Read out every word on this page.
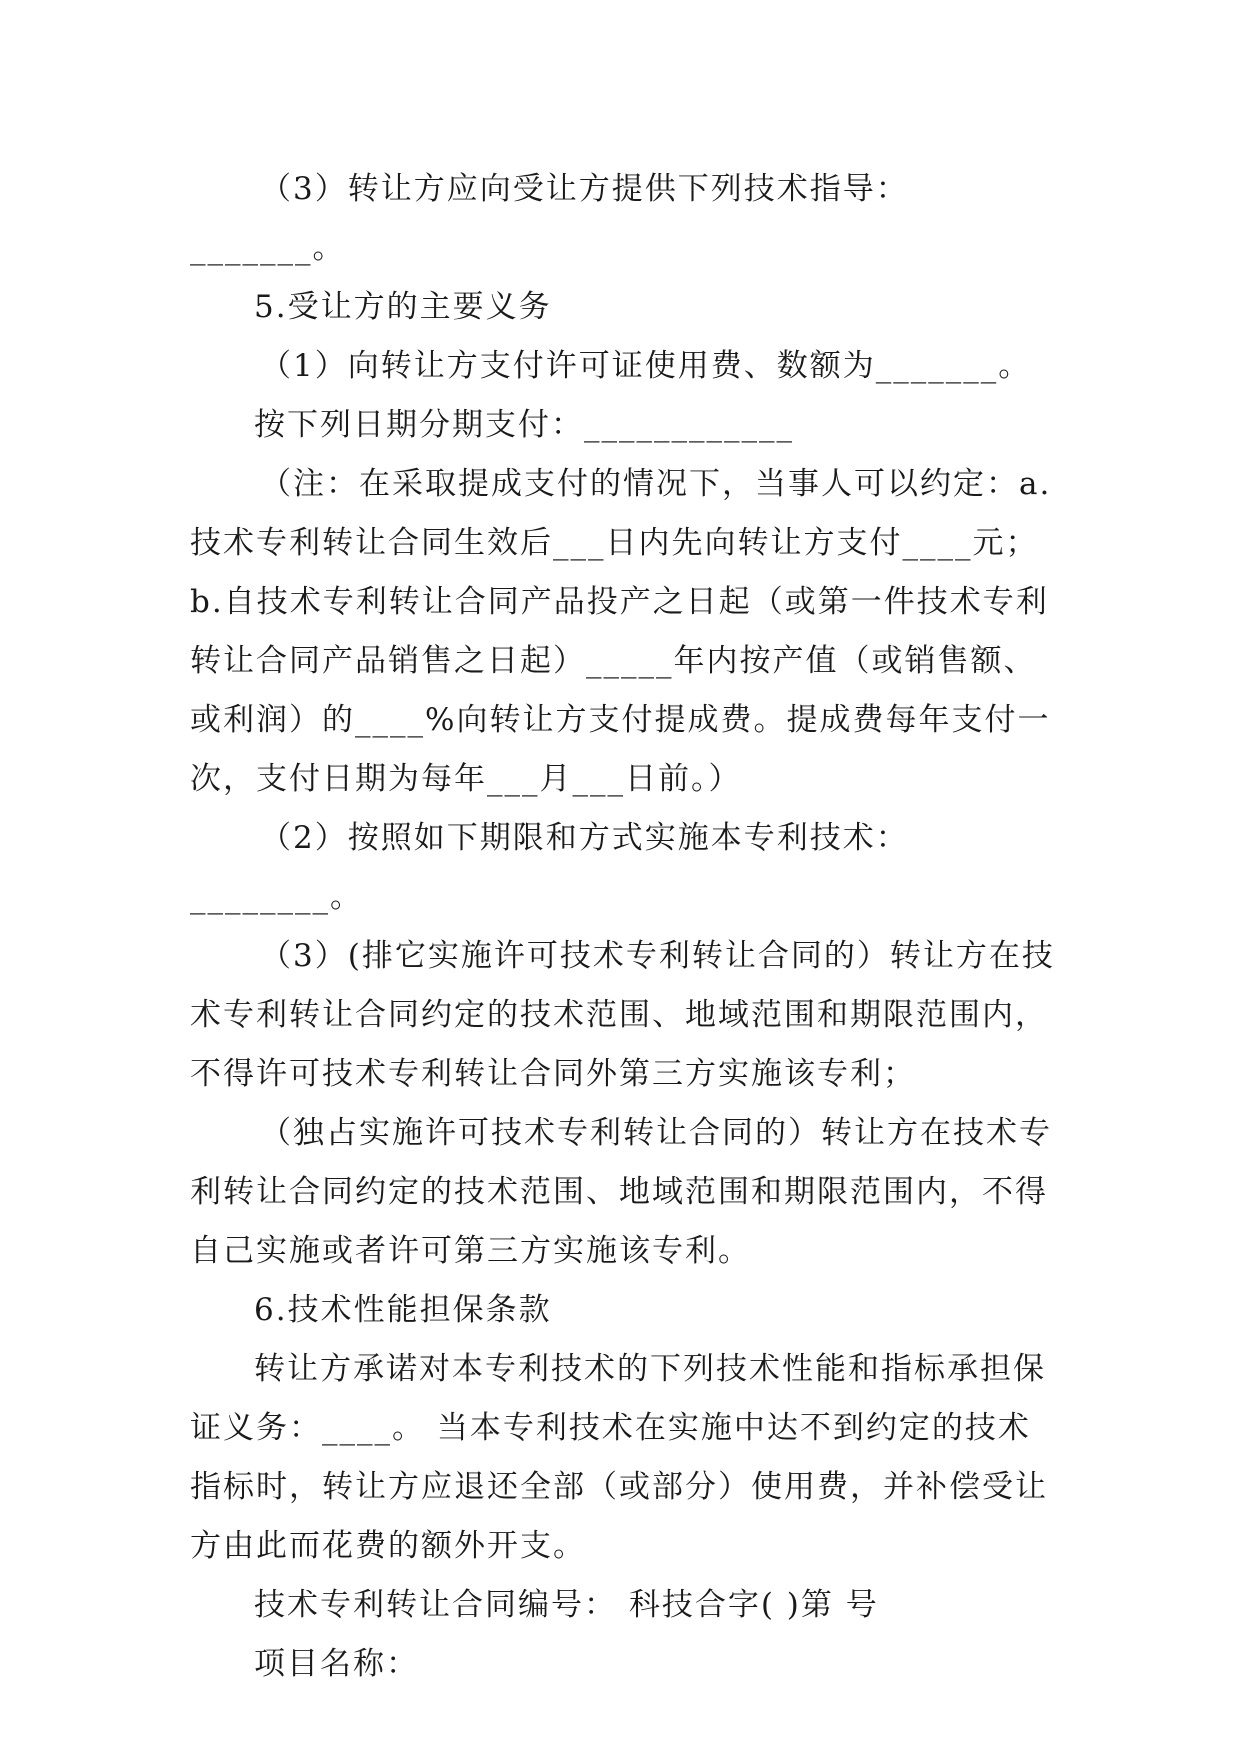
（3）转让方应向受让方提供下列技术指导：_______。

5.受让方的主要义务

（1）向转让方支付许可证使用费、数额为_______。

按下列日期分期支付：____________

（注：在采取提成支付的情况下，当事人可以约定：a.技术专利转让合同生效后___日内先向转让方支付____元；b.自技术专利转让合同产品投产之日起（或第一件技术专利转让合同产品销售之日起）_____年内按产值（或销售额、或利润）的____%向转让方支付提成费。提成费每年支付一次，支付日期为每年___月___日前。）

（2）按照如下期限和方式实施本专利技术：________。

（3）(排它实施许可技术专利转让合同的）转让方在技术专利转让合同约定的技术范围、地域范围和期限范围内，不得许可技术专利转让合同外第三方实施该专利；

（独占实施许可技术专利转让合同的）转让方在技术专利转让合同约定的技术范围、地域范围和期限范围内，不得自己实施或者许可第三方实施该专利。

6.技术性能担保条款

转让方承诺对本专利技术的下列技术性能和指标承担保证义务：____。 当本专利技术在实施中达不到约定的技术指标时，转让方应退还全部（或部分）使用费，并补偿受让方由此而花费的额外开支。

技术专利转让合同编号： 科技合字( )第 号

项目名称：
